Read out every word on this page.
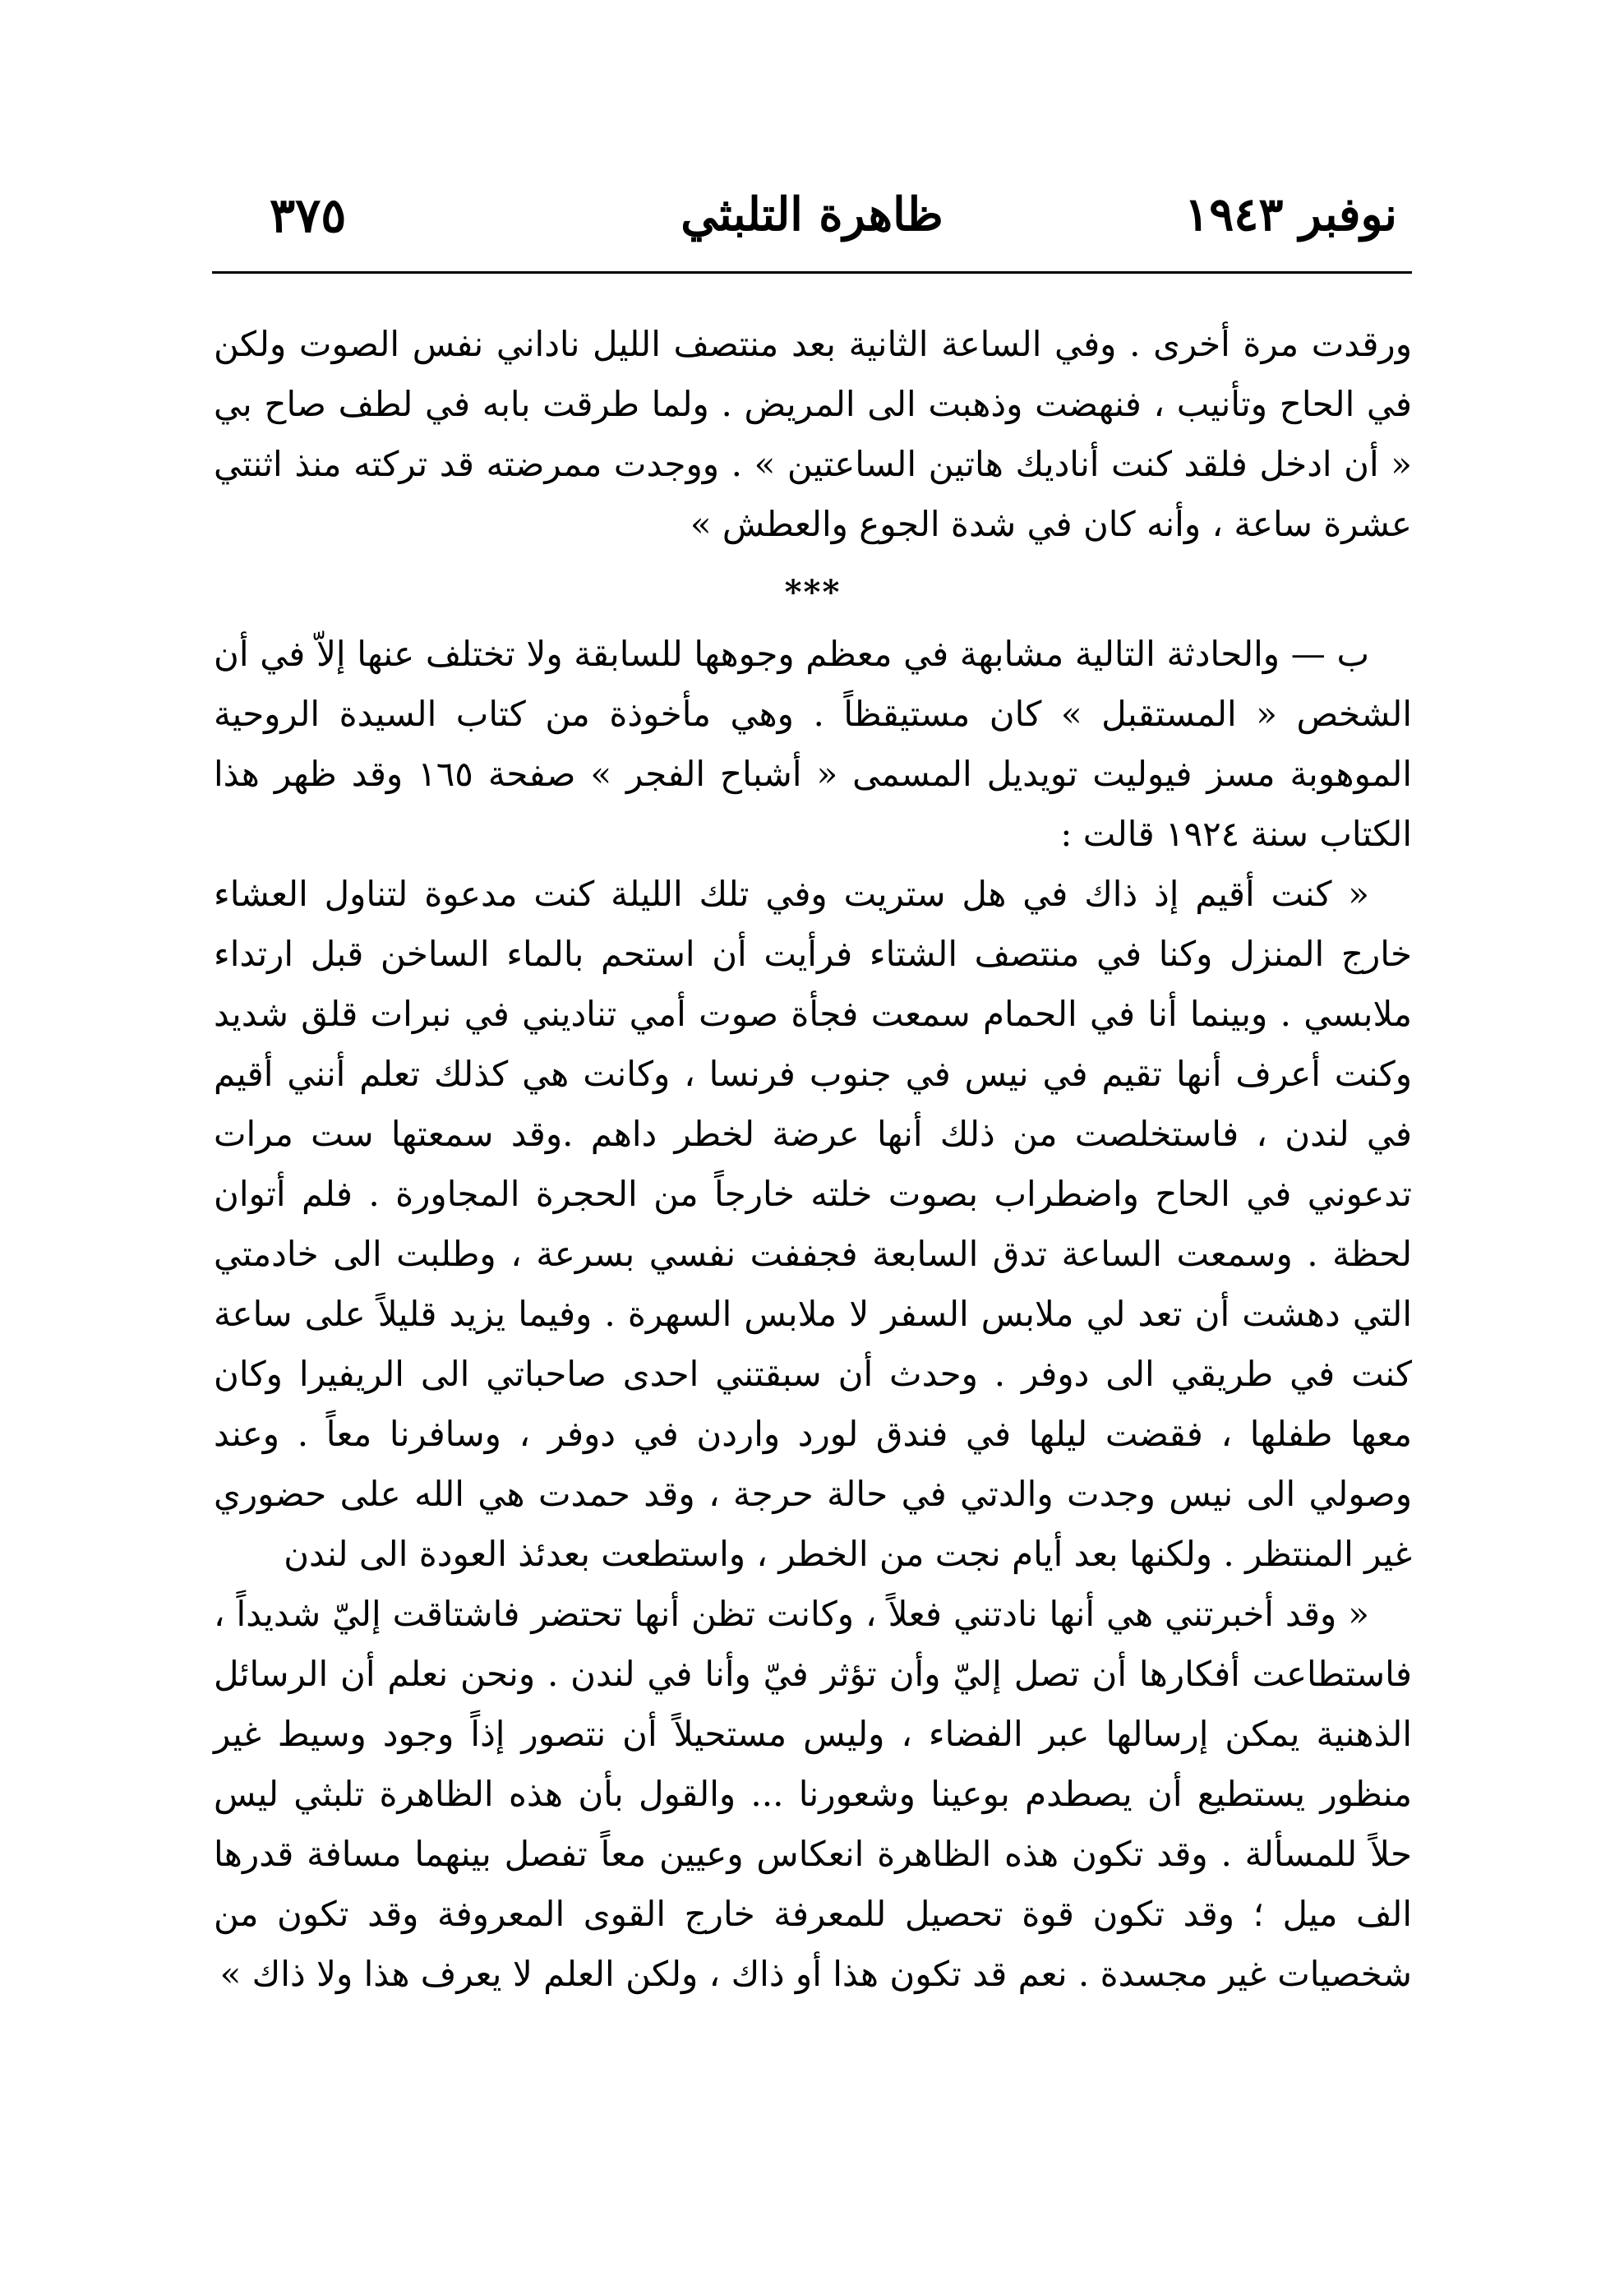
٣٧٥	ظاهرة التلبثي	نوفبر ١٩٤٣

ورقدت مرة أخرى . وفي الساعة الثانية بعد منتصف الليل ناداني نفس الصوت ولكن في الحاح وتأنيب ، فنهضت وذهبت الى المريض . ولما طرقت بابه في لطف صاح بي « أن ادخل فلقد كنت أناديك هاتين الساعتين » . ووجدت ممرضته قد تركته منذ اثنتي عشرة ساعة ، وأنه كان في شدة الجوع والعطش »

***

ب — والحادثة التالية مشابهة في معظم وجوهها للسابقة ولا تختلف عنها إلاّ في أن الشخص « المستقبل » كان مستيقظاً . وهي مأخوذة من كتاب السيدة الروحية الموهوبة مسز فيوليت تويديل المسمى « أشباح الفجر » صفحة ١٦٥ وقد ظهر هذا الكتاب سنة ١٩٢٤ قالت :

« كنت أقيم إذ ذاك في هل ستريت وفي تلك الليلة كنت مدعوة لتناول العشاء خارج المنزل وكنا في منتصف الشتاء فرأيت أن استحم بالماء الساخن قبل ارتداء ملابسي . وبينما أنا في الحمام سمعت فجأة صوت أمي تناديني في نبرات قلق شديد وكنت أعرف أنها تقيم في نيس في جنوب فرنسا ، وكانت هي كذلك تعلم أنني أقيم في لندن ، فاستخلصت من ذلك أنها عرضة لخطر داهم .وقد سمعتها ست مرات تدعوني في الحاح واضطراب بصوت خلته خارجاً من الحجرة المجاورة . فلم أتوان لحظة . وسمعت الساعة تدق السابعة فجففت نفسي بسرعة ، وطلبت الى خادمتي التي دهشت أن تعد لي ملابس السفر لا ملابس السهرة . وفيما يزيد قليلاً على ساعة كنت في طريقي الى دوفر . وحدث أن سبقتني احدى صاحباتي الى الريفيرا وكان معها طفلها ، فقضت ليلها في فندق لورد واردن في دوفر ، وسافرنا معاً . وعند وصولي الى نيس وجدت والدتي في حالة حرجة ، وقد حمدت هي الله على حضوري غير المنتظر . ولكنها بعد أيام نجت من الخطر ، واستطعت بعدئذ العودة الى لندن

« وقد أخبرتني هي أنها نادتني فعلاً ، وكانت تظن أنها تحتضر فاشتاقت إليّ شديداً ، فاستطاعت أفكارها أن تصل إليّ وأن تؤثر فيّ وأنا في لندن . ونحن نعلم أن الرسائل الذهنية يمكن إرسالها عبر الفضاء ، وليس مستحيلاً أن نتصور إذاً وجود وسيط غير منظور يستطيع أن يصطدم بوعينا وشعورنا ... والقول بأن هذه الظاهرة تلبثي ليس حلاً للمسألة . وقد تكون هذه الظاهرة انعكاس وعيين معاً تفصل بينهما مسافة قدرها الف ميل ؛ وقد تكون قوة تحصيل للمعرفة خارج القوى المعروفة وقد تكون من شخصيات غير مجسدة . نعم قد تكون هذا أو ذاك ، ولكن العلم لا يعرف هذا ولا ذاك »
